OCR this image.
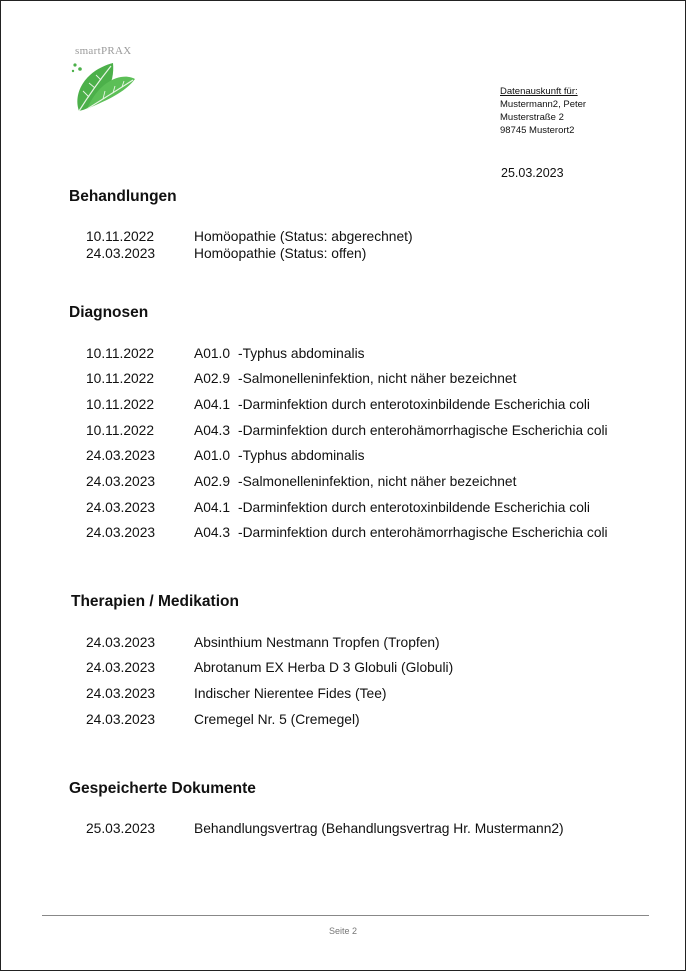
smartPRAX
Datenauskunft für:
Mustermann2, Peter
Musterstraße 2
98745 Musterort2
25.03.2023
Behandlungen
10.11.2022	Homöopathie (Status: abgerechnet)
24.03.2023	Homöopathie (Status: offen)
Diagnosen
10.11.2022	A01.0 -Typhus abdominalis
10.11.2022	A02.9 -Salmonelleninfektion, nicht näher bezeichnet
10.11.2022	A04.1 -Darminfektion durch enterotoxinbildende Escherichia coli
10.11.2022	A04.3 -Darminfektion durch enterohämorrhagische Escherichia coli
24.03.2023	A01.0 -Typhus abdominalis
24.03.2023	A02.9 -Salmonelleninfektion, nicht näher bezeichnet
24.03.2023	A04.1 -Darminfektion durch enterotoxinbildende Escherichia coli
24.03.2023	A04.3 -Darminfektion durch enterohämorrhagische Escherichia coli
Therapien / Medikation
24.03.2023	Absinthium Nestmann Tropfen (Tropfen)
24.03.2023	Abrotanum EX Herba D 3 Globuli (Globuli)
24.03.2023	Indischer Nierentee Fides (Tee)
24.03.2023	Cremegel Nr. 5 (Cremegel)
Gespeicherte Dokumente
25.03.2023	Behandlungsvertrag (Behandlungsvertrag Hr. Mustermann2)
Seite 2
